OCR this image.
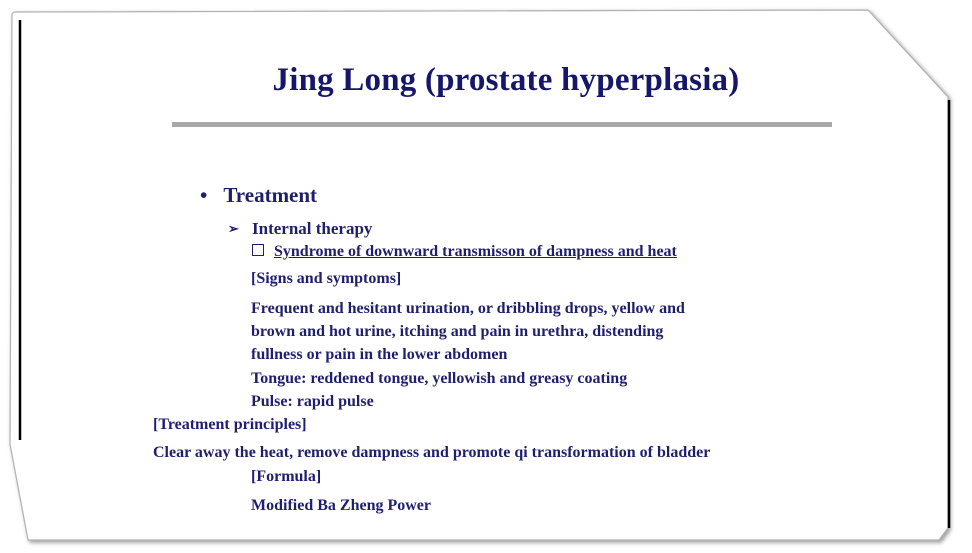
Jing Long (prostate hyperplasia)
• Treatment
➢ Internal therapy
Syndrome of downward transmisson of dampness and heat
[Signs and symptoms]
Frequent and hesitant urination, or dribbling drops, yellow and
brown and hot urine, itching and pain in urethra, distending
fullness or pain in the lower abdomen
Tongue: reddened tongue, yellowish and greasy coating
Pulse: rapid pulse
[Treatment principles]
Clear away the heat, remove dampness and promote qi transformation of bladder
[Formula]
Modified Ba Zheng Power
